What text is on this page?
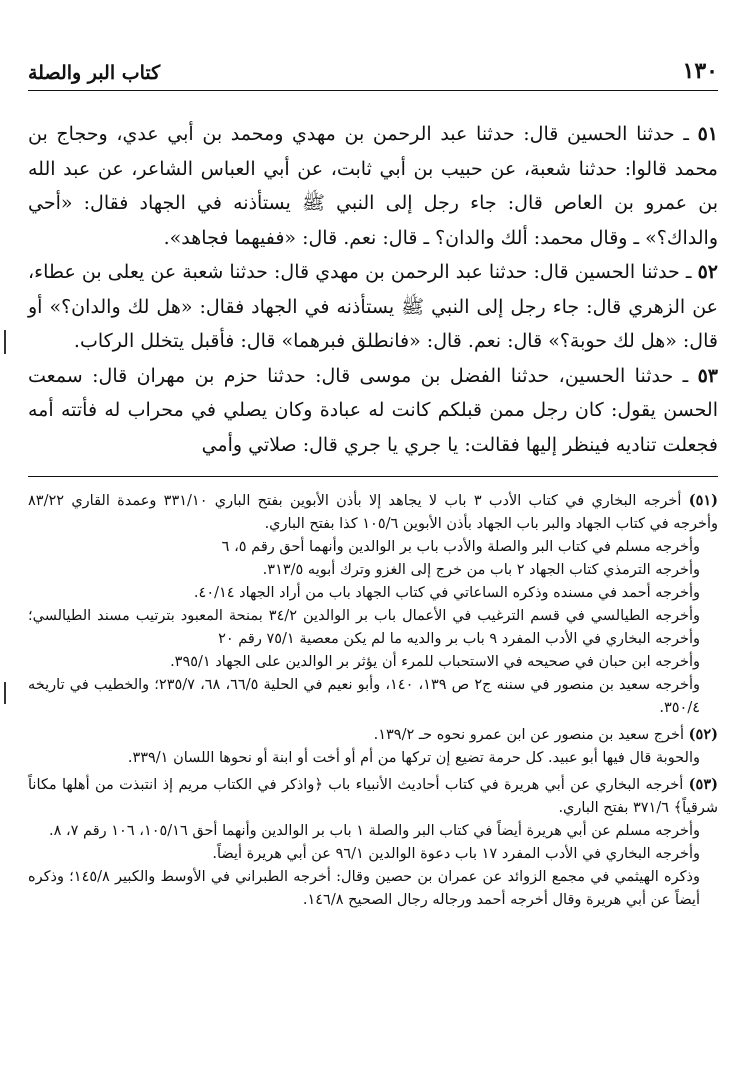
١٣٠
كتاب البر والصلة

٥١ ـ حدثنا الحسين قال: حدثنا عبد الرحمن بن مهدي ومحمد بن أبي عدي، وحجاج بن محمد قالوا: حدثنا شعبة، عن حبيب بن أبي ثابت، عن أبي العباس الشاعر، عن عبد الله بن عمرو بن العاص قال: جاء رجل إلى النبي ﷺ يستأذنه في الجهاد فقال: «أحي والداك؟» ـ وقال محمد: ألك والدان؟ ـ قال: نعم. قال: «ففيهما فجاهد».

٥٢ ـ حدثنا الحسين قال: حدثنا عبد الرحمن بن مهدي قال: حدثنا شعبة عن يعلى بن عطاء، عن الزهري قال: جاء رجل إلى النبي ﷺ يستأذنه في الجهاد فقال: «هل لك والدان؟» أو قال: «هل لك حوبة؟» قال: نعم. قال: «فانطلق فبرهما» قال: فأقبل يتخلل الركاب.

٥٣ ـ حدثنا الحسين، حدثنا الفضل بن موسى قال: حدثنا حزم بن مهران قال: سمعت الحسن يقول: كان رجل ممن قبلكم كانت له عبادة وكان يصلي في محراب له فأتته أمه فجعلت تناديه فينظر إليها فقالت: يا جري يا جري قال: صلاتي وأمي

(٥١) أخرجه البخاري في كتاب الأدب ٣ باب لا يجاهد إلا بأذن الأبوين بفتح الباري ٣٣١/١٠ وعمدة القاري ٨٣/٢٢ وأخرجه في كتاب الجهاد والبر باب الجهاد بأذن الأبوين ١٠٥/٦ كذا بفتح الباري.

وأخرجه مسلم في كتاب البر والصلة والأدب باب بر الوالدين وأنهما أحق رقم ٥، ٦

وأخرجه الترمذي كتاب الجهاد ٢ باب من خرج إلى الغزو وترك أبويه ٣١٣/٥.

وأخرجه أحمد في مسنده وذكره الساعاتي في كتاب الجهاد باب من أراد الجهاد ٤٠/١٤.

وأخرجه الطيالسي في قسم الترغيب في الأعمال باب بر الوالدين ٣٤/٢ بمنحة المعبود بترتيب مسند الطيالسي؛ وأخرجه البخاري في الأدب المفرد ٩ باب بر والديه ما لم يكن معصية ٧٥/١ رقم ٢٠

وأخرجه ابن حبان في صحيحه في الاستحباب للمرء أن يؤثر بر الوالدين على الجهاد ٣٩٥/١.

وأخرجه سعيد بن منصور في سننه ج٢ ص ١٣٩، ١٤٠، وأبو نعيم في الحلية ٦٦/٥، ٦٨، ٢٣٥/٧؛ والخطيب في تاريخه ٣٥٠/٤.

(٥٢) أخرج سعيد بن منصور عن ابن عمرو نحوه حـ ١٣٩/٢.

والحوبة قال فيها أبو عبيد. كل حرمة تضيع إن تركها من أم أو أخت أو ابنة أو نحوها اللسان ٣٣٩/١.

(٥٣) أخرجه البخاري عن أبي هريرة في كتاب أحاديث الأنبياء باب ﴿واذكر في الكتاب مريم إذ انتبذت من أهلها مكاناً شرقياً﴾ ٣٧١/٦ بفتح الباري.

وأخرجه مسلم عن أبي هريرة أيضاً في كتاب البر والصلة ١ باب بر الوالدين وأنهما أحق ١٠٥/١٦، ١٠٦ رقم ٧، ٨.

وأخرجه البخاري في الأدب المفرد ١٧ باب دعوة الوالدين ٩٦/١ عن أبي هريرة أيضاً.

وذكره الهيثمي في مجمع الزوائد عن عمران بن حصين وقال: أخرجه الطبراني في الأوسط والكبير ١٤٥/٨؛ وذكره أيضاً عن أبي هريرة وقال أخرجه أحمد ورجاله رجال الصحيح ١٤٦/٨.
